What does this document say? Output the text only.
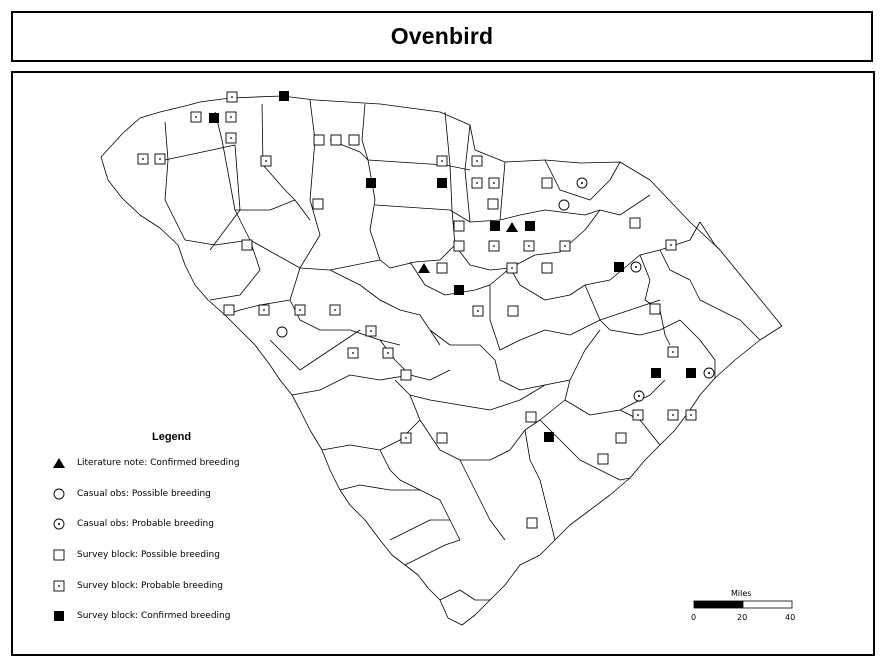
Ovenbird
Legend
Literature note: Confirmed breeding
Casual obs: Possible breeding
Casual obs: Probable breeding
Survey block: Possible breeding
Survey block: Probable breeding
Survey block: Confirmed breeding
Miles
0	20	40
